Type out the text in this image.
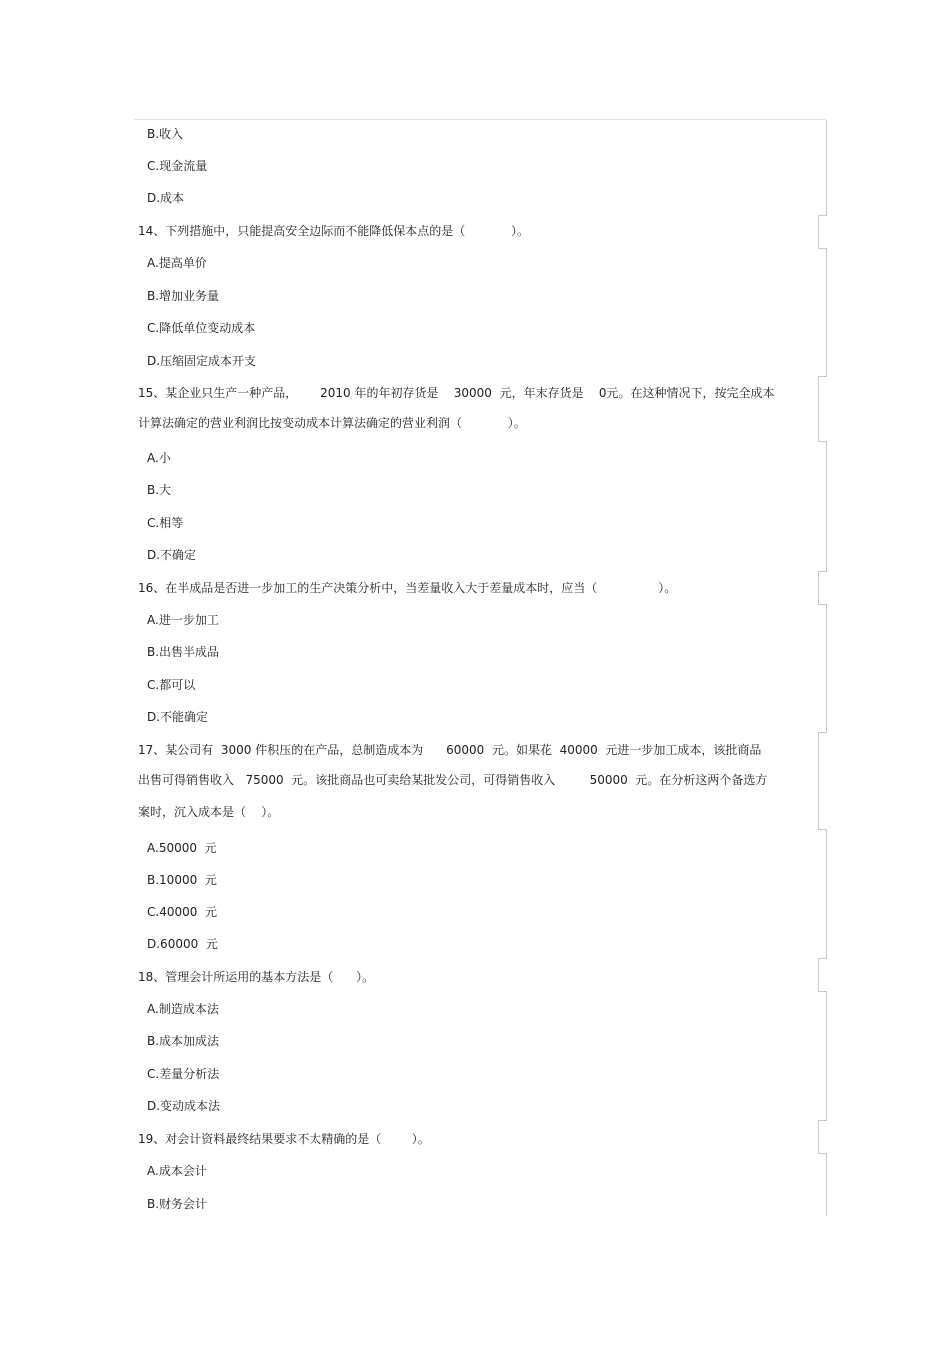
B.收入
C.现金流量
D.成本
14、下列措施中，只能提高安全边际而不能降低保本点的是（            ）。
A.提高单价
B.增加业务量
C.降低单位变动成本
D.压缩固定成本开支
15、某企业只生产一种产品，      2010 年的年初存货是    30000  元，年末存货是    0元。在这种情况下，按完全成本
计算法确定的营业利润比按变动成本计算法确定的营业利润（            ）。
A.小
B.大
C.相等
D.不确定
16、在半成品是否进一步加工的生产决策分析中，当差量收入大于差量成本时，应当（                ）。
A.进一步加工
B.出售半成品
C.都可以
D.不能确定
17、某公司有  3000 件积压的在产品，总制造成本为      60000  元。如果花  40000  元进一步加工成本，该批商品
出售可得销售收入   75000  元。该批商品也可卖给某批发公司，可得销售收入         50000  元。在分析这两个备选方
案时，沉入成本是（    ）。
A.50000  元
B.10000  元
C.40000  元
D.60000  元
18、管理会计所运用的基本方法是（      ）。
A.制造成本法
B.成本加成法
C.差量分析法
D.变动成本法
19、对会计资料最终结果要求不太精确的是（        ）。
A.成本会计
B.财务会计
